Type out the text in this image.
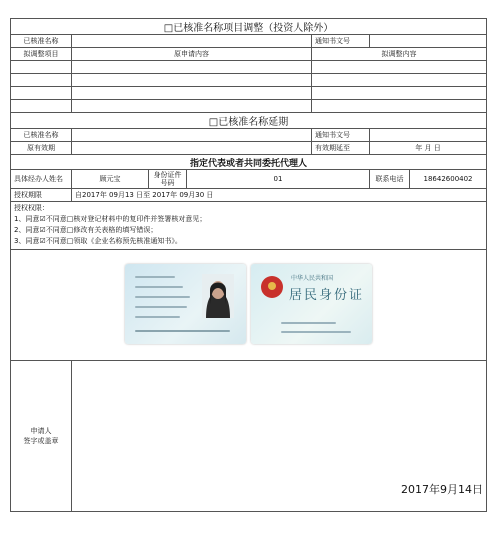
□已核准名称项目调整（投资人除外）						
已核准名称				通知书文号		
拟调整项目	原申请内容			拟调整内容		

□已核准名称延期						
已核准名称				通知书文号		
原有效期				有效期延至	年 月 日	
指定代表或者共同委托代理人						
具体经办人姓名	顾元宝	身份证件号码	01		联系电话	18642600402
授权期限	自2017年 09月13 日至 2017年 09月30 日					

授权权限：
1、同意☑不同意□核对登记材料中的复印件并签署核对意见；
2、同意☑不同意□修改有关表格的填写错误；
3、同意☑不同意□领取《企业名称预先核准通知书》。						

中华人民共和国
居民身份证						

申请人
签字或盖章	2017年9月14日					
